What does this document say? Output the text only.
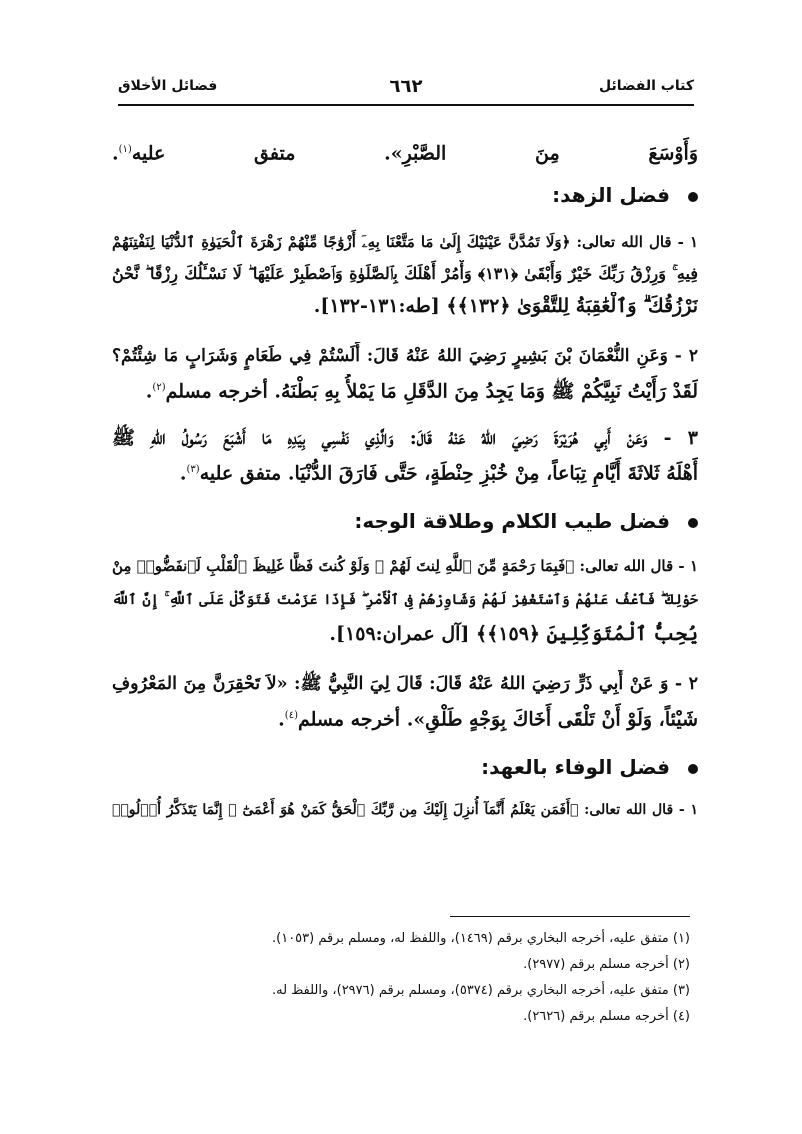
كتاب الفضائل
٦٦٢
فضائل الأخلاق
وَأَوْسَعَ مِنَ الصَّبْرِ». متفق عليه$^{(١)}$.
فضل الزهد:
١ - قال الله تعالى: ﴿وَلَا تَمُدَّنَّ عَيْنَيْكَ إِلَىٰ مَا مَتَّعْنَا بِهِۦٓ أَزْوَٰجًا مِّنْهُمْ زَهْرَةَ ٱلْحَيَوٰةِ ٱلدُّنْيَا لِنَفْتِنَهُمْ
فِيهِ ۚ وَرِزْقُ رَبِّكَ خَيْرٌ وَأَبْقَىٰ ﴿١٣١﴾ وَأْمُرْ أَهْلَكَ بِٱلصَّلَوٰةِ وَٱصْطَبِرْ عَلَيْهَا ۖ لَا نَسْـَٔلُكَ رِزْقًا ۖ نَّحْنُ
نَرْزُقُكَ ۗ وَٱلْعَٰقِبَةُ لِلتَّقْوَىٰ ﴿١٣٢﴾﴾ [طه:١٣١-١٣٢].
٢ - وَعَنِ النُّعْمَانَ بْنَ بَشِيرٍ رَضِيَ اللهُ عَنْهُ قَالَ: أَلَسْتُمْ فِي طَعَامٍ وَشَرَابٍ مَا شِئْتُمْ؟
لَقَدْ رَأَيْتُ نَبِيَّكُمْ ﷺ وَمَا يَجِدُ مِنَ الدَّقَلِ مَا يَمْلأُ بِهِ بَطْنَهُ. أخرجه مسلم$^{(٢)}$.
٣ - وَعَنْ أَبِي هُرَيْرَةَ رَضِيَ اللهُ عَنْهُ قَالَ: وَالَّذِي نَفْسِي بِيَدِهِ مَا أَشْبَعَ رَسُولُ اللهِ ﷺ
أَهْلَهُ ثَلاثَةَ أَيَّامٍ تِبَاعاً، مِنْ خُبْزِ حِنْطَةٍ، حَتَّى فَارَقَ الدُّنْيَا. متفق عليه$^{(٣)}$.
فضل طيب الكلام وطلاقة الوجه:
١ - قال الله تعالى: ﴿فَبِمَا رَحْمَةٍ مِّنَ ٱللَّهِ لِنتَ لَهُمْ ۖ وَلَوْ كُنتَ فَظًّا غَلِيظَ ٱلْقَلْبِ لَٱنفَضُّوا۟ مِنْ
حَوْلِكَ ۖ فَٱعْفُ عَنْهُمْ وَٱسْتَغْفِرْ لَهُمْ وَشَاوِرْهُمْ فِى ٱلْأَمْرِ ۖ فَإِذَا عَزَمْتَ فَتَوَكَّلْ عَلَى ٱللَّهِ ۚ إِنَّ ٱللَّهَ
يُحِبُّ ٱلْمُتَوَكِّلِينَ ﴿١٥٩﴾﴾ [آل عمران:١٥٩].
٢ - وَ عَنْ أَبِي ذَرٍّ رَضِيَ اللهُ عَنْهُ قَالَ: قَالَ لِيَ النَّبِيُّ ﷺ: «لاَ تَحْقِرَنَّ مِنَ المَعْرُوفِ
شَيْئاً، وَلَوْ أَنْ تَلْقَى أَخَاكَ بِوَجْهٍ طَلْقٍ». أخرجه مسلم$^{(٤)}$.
فضل الوفاء بالعهد:
١ - قال الله تعالى: ﴿أَفَمَن يَعْلَمُ أَنَّمَآ أُنزِلَ إِلَيْكَ مِن رَّبِّكَ ٱلْحَقُّ كَمَنْ هُوَ أَعْمَىٰٓ ۚ إِنَّمَا يَتَذَكَّرُ أُو۟لُوا۟
(١) متفق عليه، أخرجه البخاري برقم (١٤٦٩)، واللفظ له، ومسلم برقم (١٠٥٣).
(٢) أخرجه مسلم برقم (٢٩٧٧).
(٣) متفق عليه، أخرجه البخاري برقم (٥٣٧٤)، ومسلم برقم (٢٩٧٦)، واللفظ له.
(٤) أخرجه مسلم برقم (٢٦٢٦).
